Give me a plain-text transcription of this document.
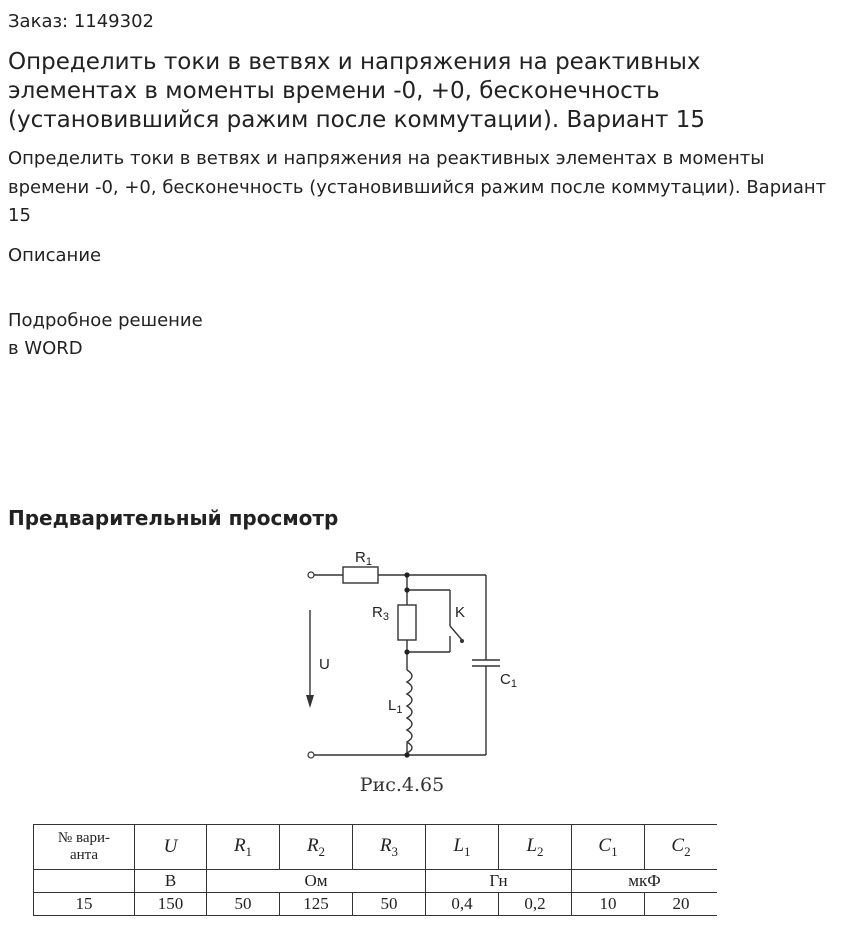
Заказ: 1149302
Определить токи в ветвях и напряжения на реактивных элементах в моменты времени -0, +0, бесконечность (установившийся ражим после коммутации). Вариант 15

Определить токи в ветвях и напряжения на реактивных элементах в моменты времени -0, +0, бесконечность (установившийся ражим после коммутации). Вариант 15

Описание
Подробное решение
в WORD
Предварительный просмотр
$R_1$
$R_3$	K
U
$L_1$
$C_1$
Рис.4.65
№ вари-
анта	U	$R_1$	$R_2$	$R_3$	$L_1$	$L_2$	$C_1$	$C_2$
	В	Ом			Гн		мкФ	
15	150	50	125	50	0,4	0,2	10	20
